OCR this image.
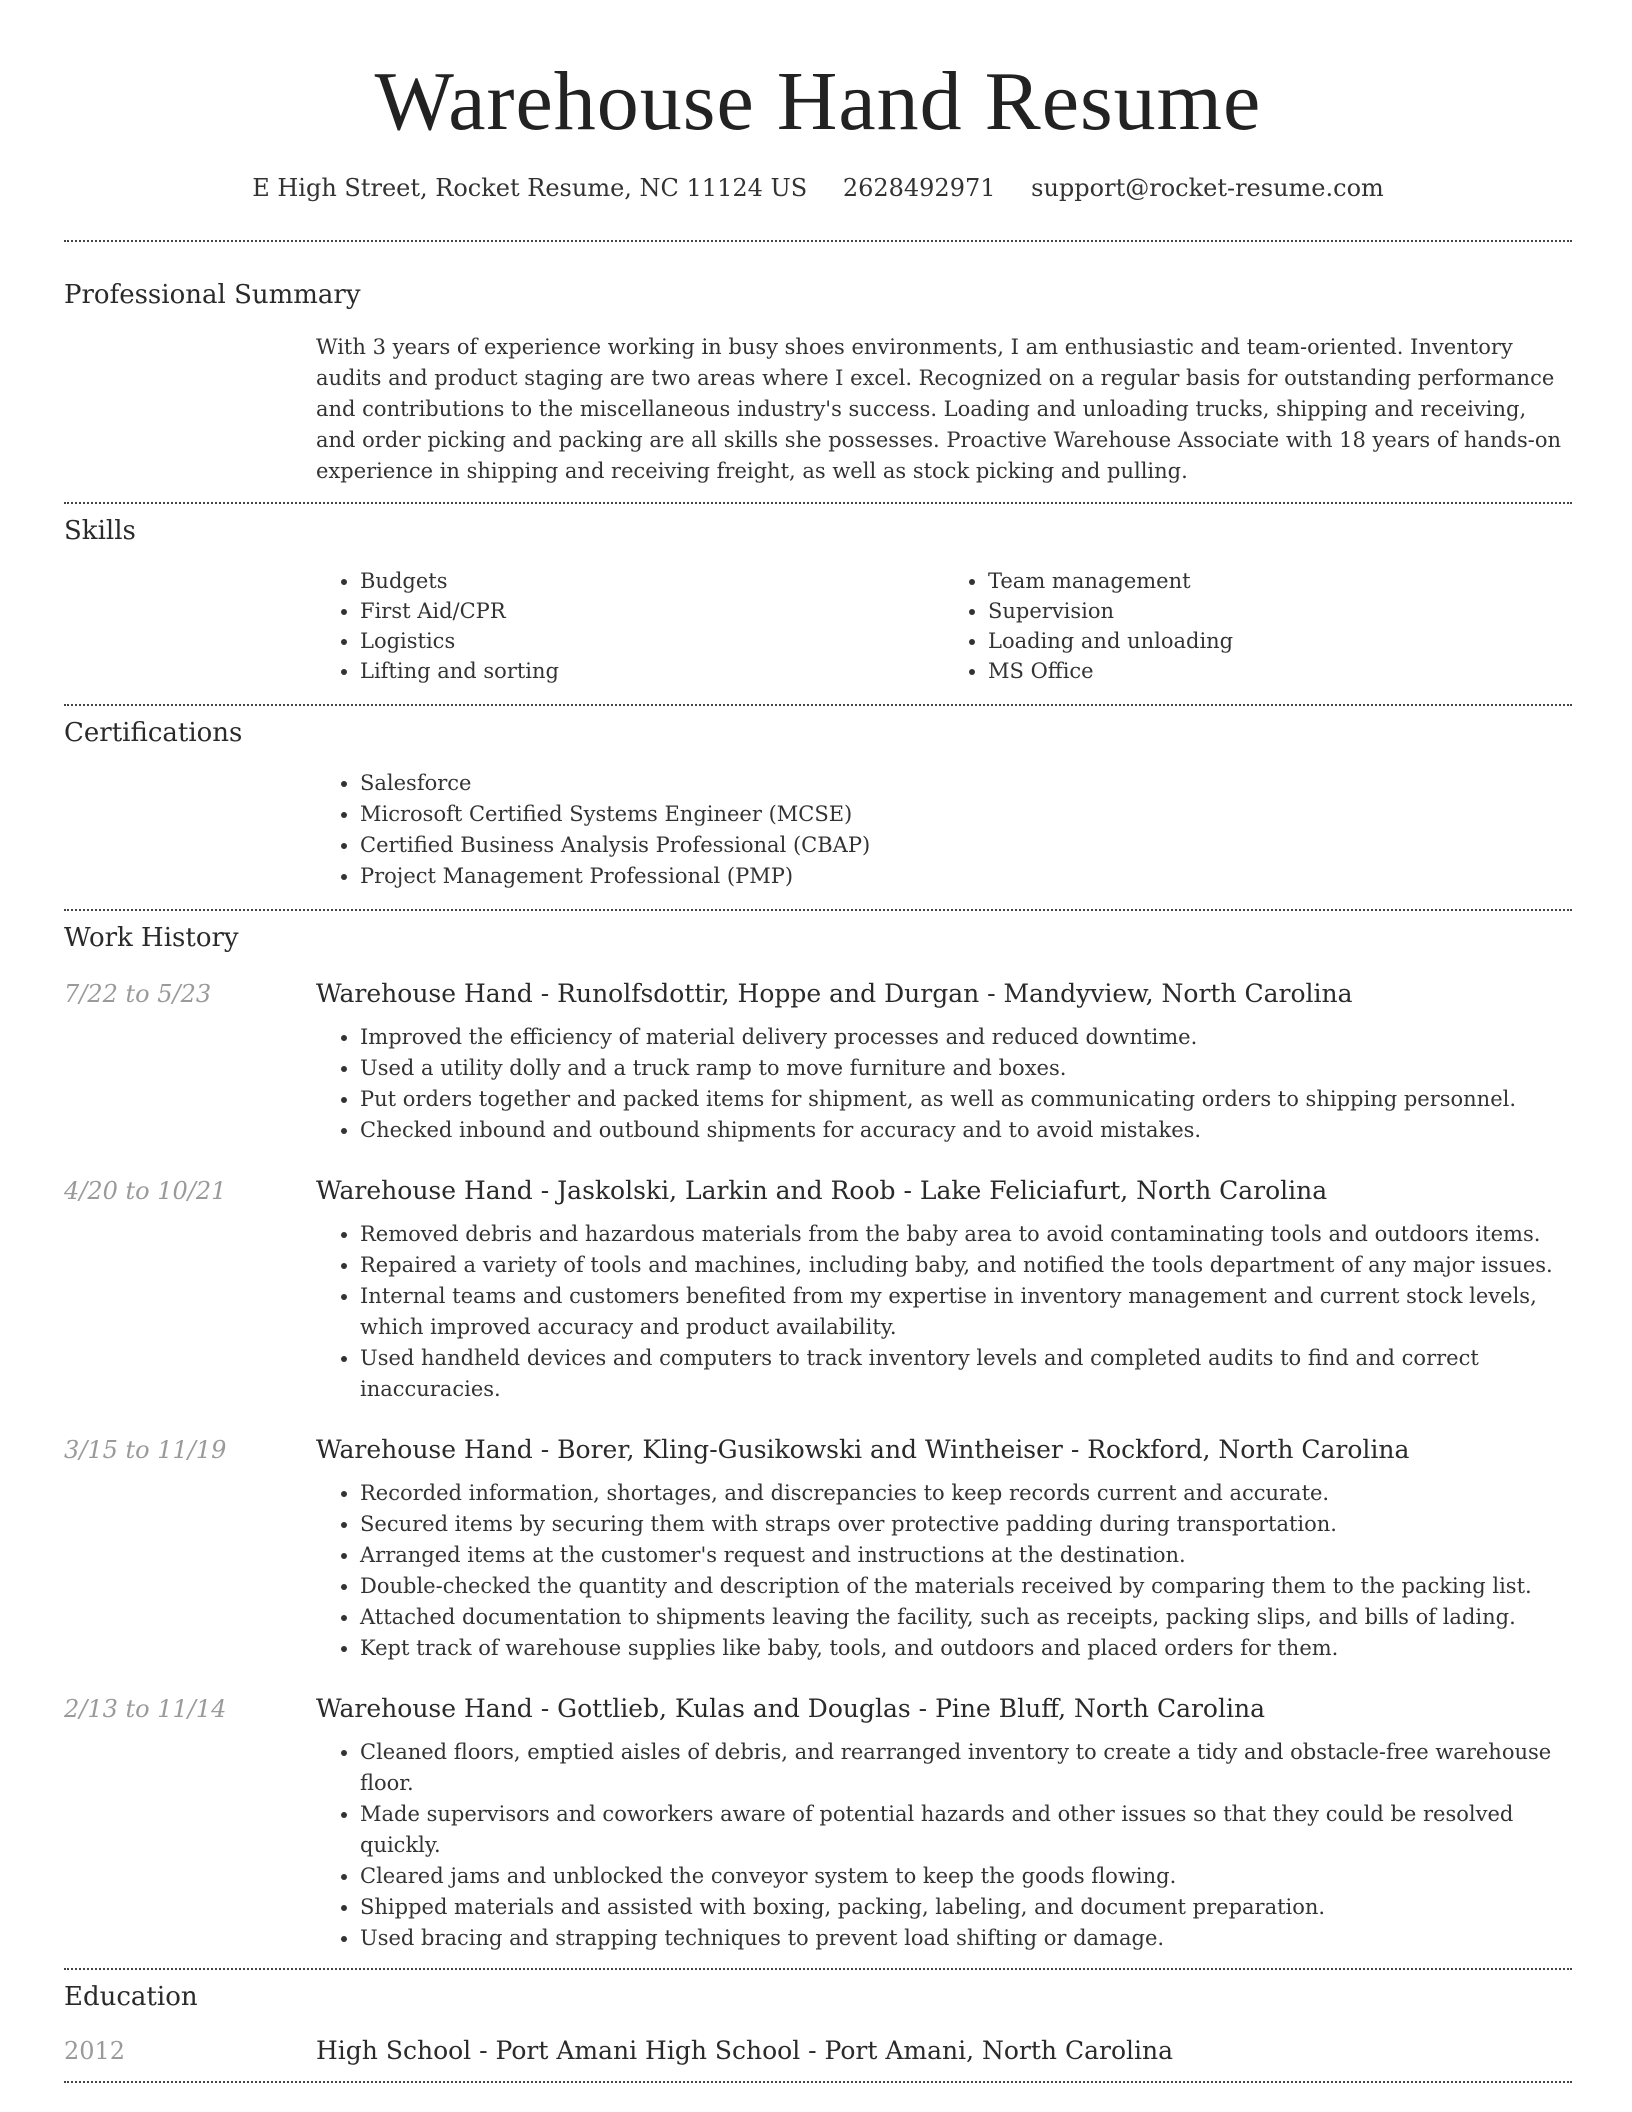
Warehouse Hand Resume
E High Street, Rocket Resume, NC 11124 US 2628492971 support@rocket-resume.com
Professional Summary
With 3 years of experience working in busy shoes environments, I am enthusiastic and team-oriented. Inventory audits and product staging are two areas where I excel. Recognized on a regular basis for outstanding performance and contributions to the miscellaneous industry's success. Loading and unloading trucks, shipping and receiving, and order picking and packing are all skills she possesses. Proactive Warehouse Associate with 18 years of hands-on experience in shipping and receiving freight, as well as stock picking and pulling.
Skills
• Budgets
• First Aid/CPR
• Logistics
• Lifting and sorting
• Team management
• Supervision
• Loading and unloading
• MS Office
Certifications
• Salesforce
• Microsoft Certified Systems Engineer (MCSE)
• Certified Business Analysis Professional (CBAP)
• Project Management Professional (PMP)
Work History
7/22 to 5/23	Warehouse Hand - Runolfsdottir, Hoppe and Durgan - Mandyview, North Carolina
• Improved the efficiency of material delivery processes and reduced downtime.
• Used a utility dolly and a truck ramp to move furniture and boxes.
• Put orders together and packed items for shipment, as well as communicating orders to shipping personnel.
• Checked inbound and outbound shipments for accuracy and to avoid mistakes.
4/20 to 10/21	Warehouse Hand - Jaskolski, Larkin and Roob - Lake Feliciafurt, North Carolina
• Removed debris and hazardous materials from the baby area to avoid contaminating tools and outdoors items.
• Repaired a variety of tools and machines, including baby, and notified the tools department of any major issues.
• Internal teams and customers benefited from my expertise in inventory management and current stock levels, which improved accuracy and product availability.
• Used handheld devices and computers to track inventory levels and completed audits to find and correct inaccuracies.
3/15 to 11/19	Warehouse Hand - Borer, Kling-Gusikowski and Wintheiser - Rockford, North Carolina
• Recorded information, shortages, and discrepancies to keep records current and accurate.
• Secured items by securing them with straps over protective padding during transportation.
• Arranged items at the customer's request and instructions at the destination.
• Double-checked the quantity and description of the materials received by comparing them to the packing list.
• Attached documentation to shipments leaving the facility, such as receipts, packing slips, and bills of lading.
• Kept track of warehouse supplies like baby, tools, and outdoors and placed orders for them.
2/13 to 11/14	Warehouse Hand - Gottlieb, Kulas and Douglas - Pine Bluff, North Carolina
• Cleaned floors, emptied aisles of debris, and rearranged inventory to create a tidy and obstacle-free warehouse floor.
• Made supervisors and coworkers aware of potential hazards and other issues so that they could be resolved quickly.
• Cleared jams and unblocked the conveyor system to keep the goods flowing.
• Shipped materials and assisted with boxing, packing, labeling, and document preparation.
• Used bracing and strapping techniques to prevent load shifting or damage.
Education
2012	High School - Port Amani High School - Port Amani, North Carolina
